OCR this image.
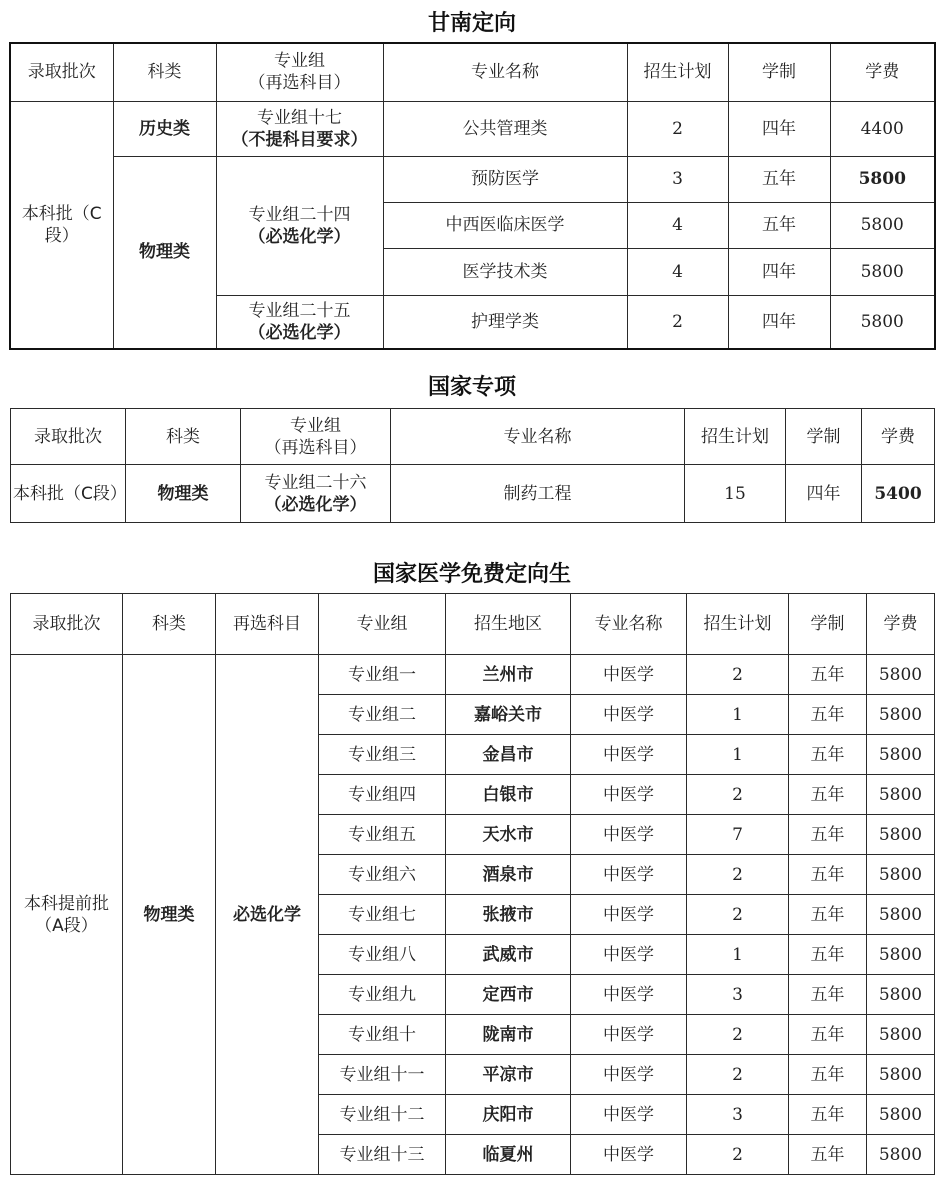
甘南定向
录取批次	科类	专业组
（再选科目）	专业名称	招生计划	学制	学费
本科批（C段）	历史类	专业组十七
（不提科目要求）	公共管理类	2	四年	4400
	物理类	专业组二十四
（必选化学）	预防医学	3	五年	5800
			中西医临床医学	4	五年	5800
			医学技术类	4	四年	5800

		专业组二十五
（必选化学）	护理学类	2	四年	5800
国家专项
录取批次	科类	专业组
（再选科目）	专业名称	招生计划	学制	学费
本科批（C段）	物理类	专业组二十六
（必选化学）	制药工程	15	四年	5400
国家医学免费定向生
录取批次	科类	再选科目	专业组	招生地区	专业名称	招生计划	学制	学费
本科提前批（A段）	物理类	必选化学	专业组一	兰州市	中医学	2	五年	5800
			专业组二	嘉峪关市	中医学	1	五年	5800
			专业组三	金昌市	中医学	1	五年	5800
			专业组四	白银市	中医学	2	五年	5800
			专业组五	天水市	中医学	7	五年	5800
			专业组六	酒泉市	中医学	2	五年	5800
			专业组七	张掖市	中医学	2	五年	5800
			专业组八	武威市	中医学	1	五年	5800
			专业组九	定西市	中医学	3	五年	5800
			专业组十	陇南市	中医学	2	五年	5800
			专业组十一	平凉市	中医学	2	五年	5800
			专业组十二	庆阳市	中医学	3	五年	5800
			专业组十三	临夏州	中医学	2	五年	5800
